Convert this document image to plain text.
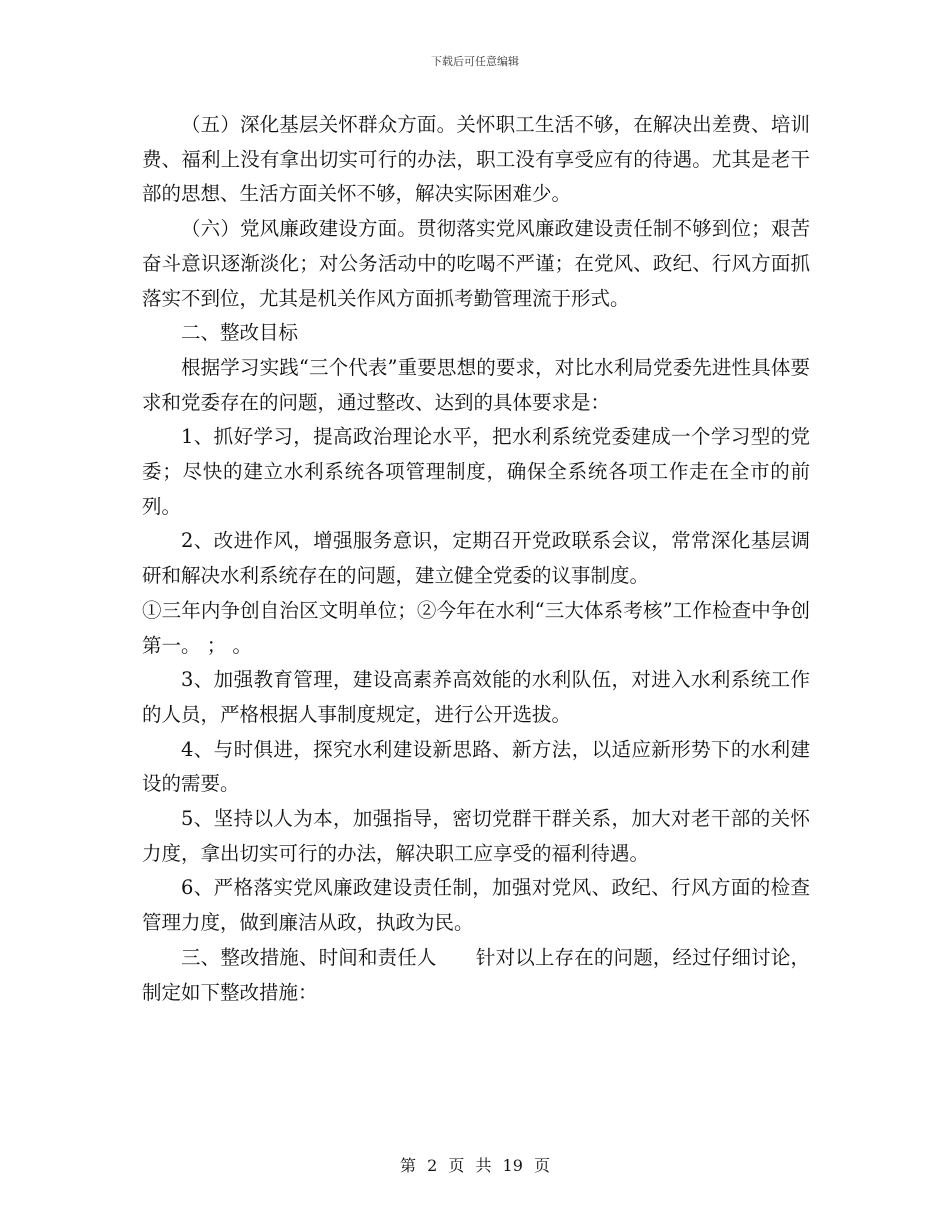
下载后可任意编辑

（五）深化基层关怀群众方面。关怀职工生活不够，在解决出差费、培训费、福利上没有拿出切实可行的办法，职工没有享受应有的待遇。尤其是老干部的思想、生活方面关怀不够，解决实际困难少。

（六）党风廉政建设方面。贯彻落实党风廉政建设责任制不够到位；艰苦奋斗意识逐渐淡化；对公务活动中的吃喝不严谨；在党风、政纪、行风方面抓落实不到位，尤其是机关作风方面抓考勤管理流于形式。

二、整改目标

根据学习实践“三个代表”重要思想的要求，对比水利局党委先进性具体要求和党委存在的问题，通过整改、达到的具体要求是：

1、抓好学习，提高政治理论水平，把水利系统党委建成一个学习型的党委；尽快的建立水利系统各项管理制度，确保全系统各项工作走在全市的前列。

2、改进作风，增强服务意识，定期召开党政联系会议，常常深化基层调研和解决水利系统存在的问题，建立健全党委的议事制度。

①三年内争创自治区文明单位；②今年在水利“三大体系考核”工作检查中争创第一。 ； 。

3、加强教育管理，建设高素养高效能的水利队伍，对进入水利系统工作的人员，严格根据人事制度规定，进行公开选拔。

4、与时俱进，探究水利建设新思路、新方法，以适应新形势下的水利建设的需要。

5、坚持以人为本，加强指导，密切党群干群关系，加大对老干部的关怀力度，拿出切实可行的办法，解决职工应享受的福利待遇。

6、严格落实党风廉政建设责任制，加强对党风、政纪、行风方面的检查管理力度，做到廉洁从政，执政为民。

三、整改措施、时间和责任人　　针对以上存在的问题，经过仔细讨论，制定如下整改措施：

第 2 页 共 19 页
